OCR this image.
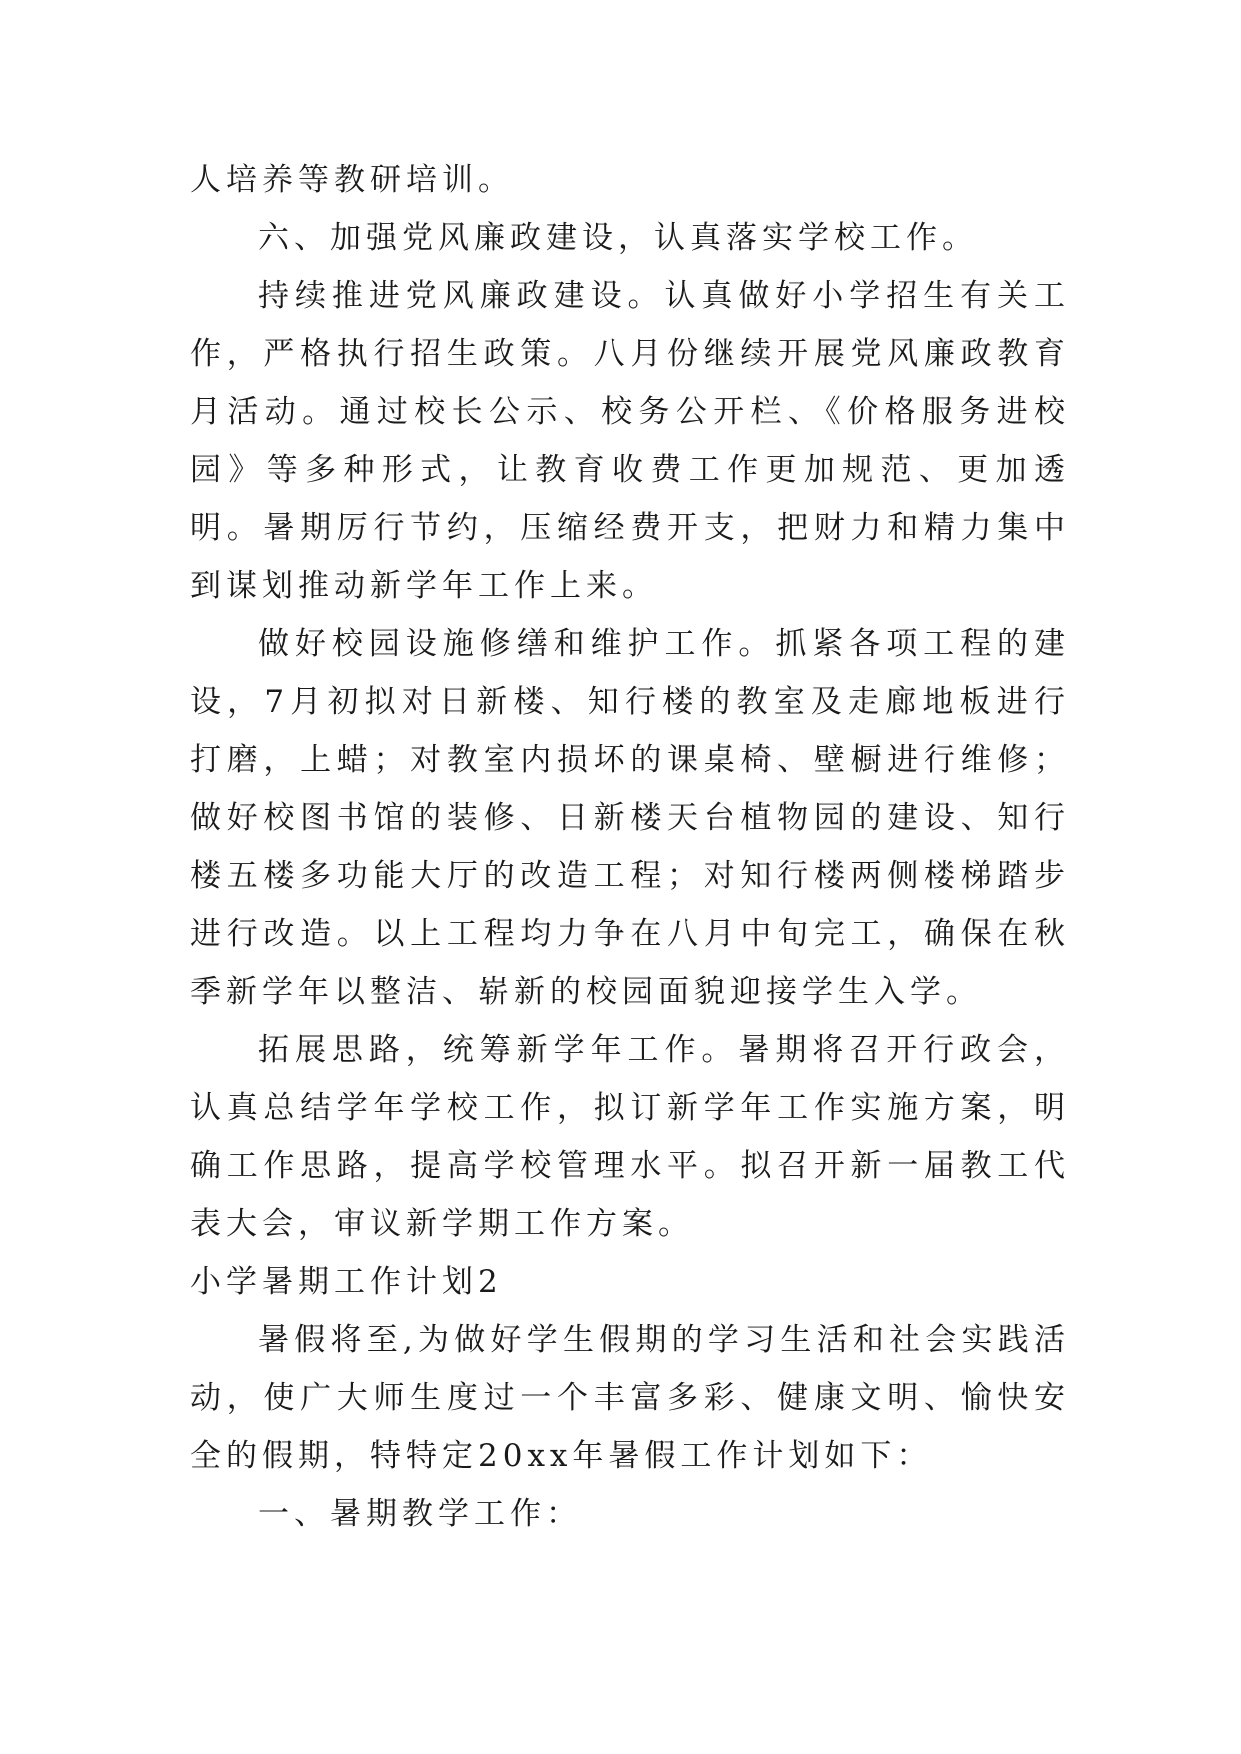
人培养等教研培训。

六、加强党风廉政建设，认真落实学校工作。

持续推进党风廉政建设。认真做好小学招生有关工作，严格执行招生政策。八月份继续开展党风廉政教育月活动。通过校长公示、校务公开栏、《价格服务进校园》等多种形式，让教育收费工作更加规范、更加透明。暑期厉行节约，压缩经费开支，把财力和精力集中到谋划推动新学年工作上来。

做好校园设施修缮和维护工作。抓紧各项工程的建设，7月初拟对日新楼、知行楼的教室及走廊地板进行打磨，上蜡；对教室内损坏的课桌椅、壁橱进行维修；做好校图书馆的装修、日新楼天台植物园的建设、知行楼五楼多功能大厅的改造工程；对知行楼两侧楼梯踏步进行改造。以上工程均力争在八月中旬完工，确保在秋季新学年以整洁、崭新的校园面貌迎接学生入学。

拓展思路，统筹新学年工作。暑期将召开行政会，认真总结学年学校工作，拟订新学年工作实施方案，明确工作思路，提高学校管理水平。拟召开新一届教工代表大会，审议新学期工作方案。

小学暑期工作计划2

暑假将至,为做好学生假期的学习生活和社会实践活动，使广大师生度过一个丰富多彩、健康文明、愉快安全的假期，特特定20xx年暑假工作计划如下：

一、暑期教学工作：
